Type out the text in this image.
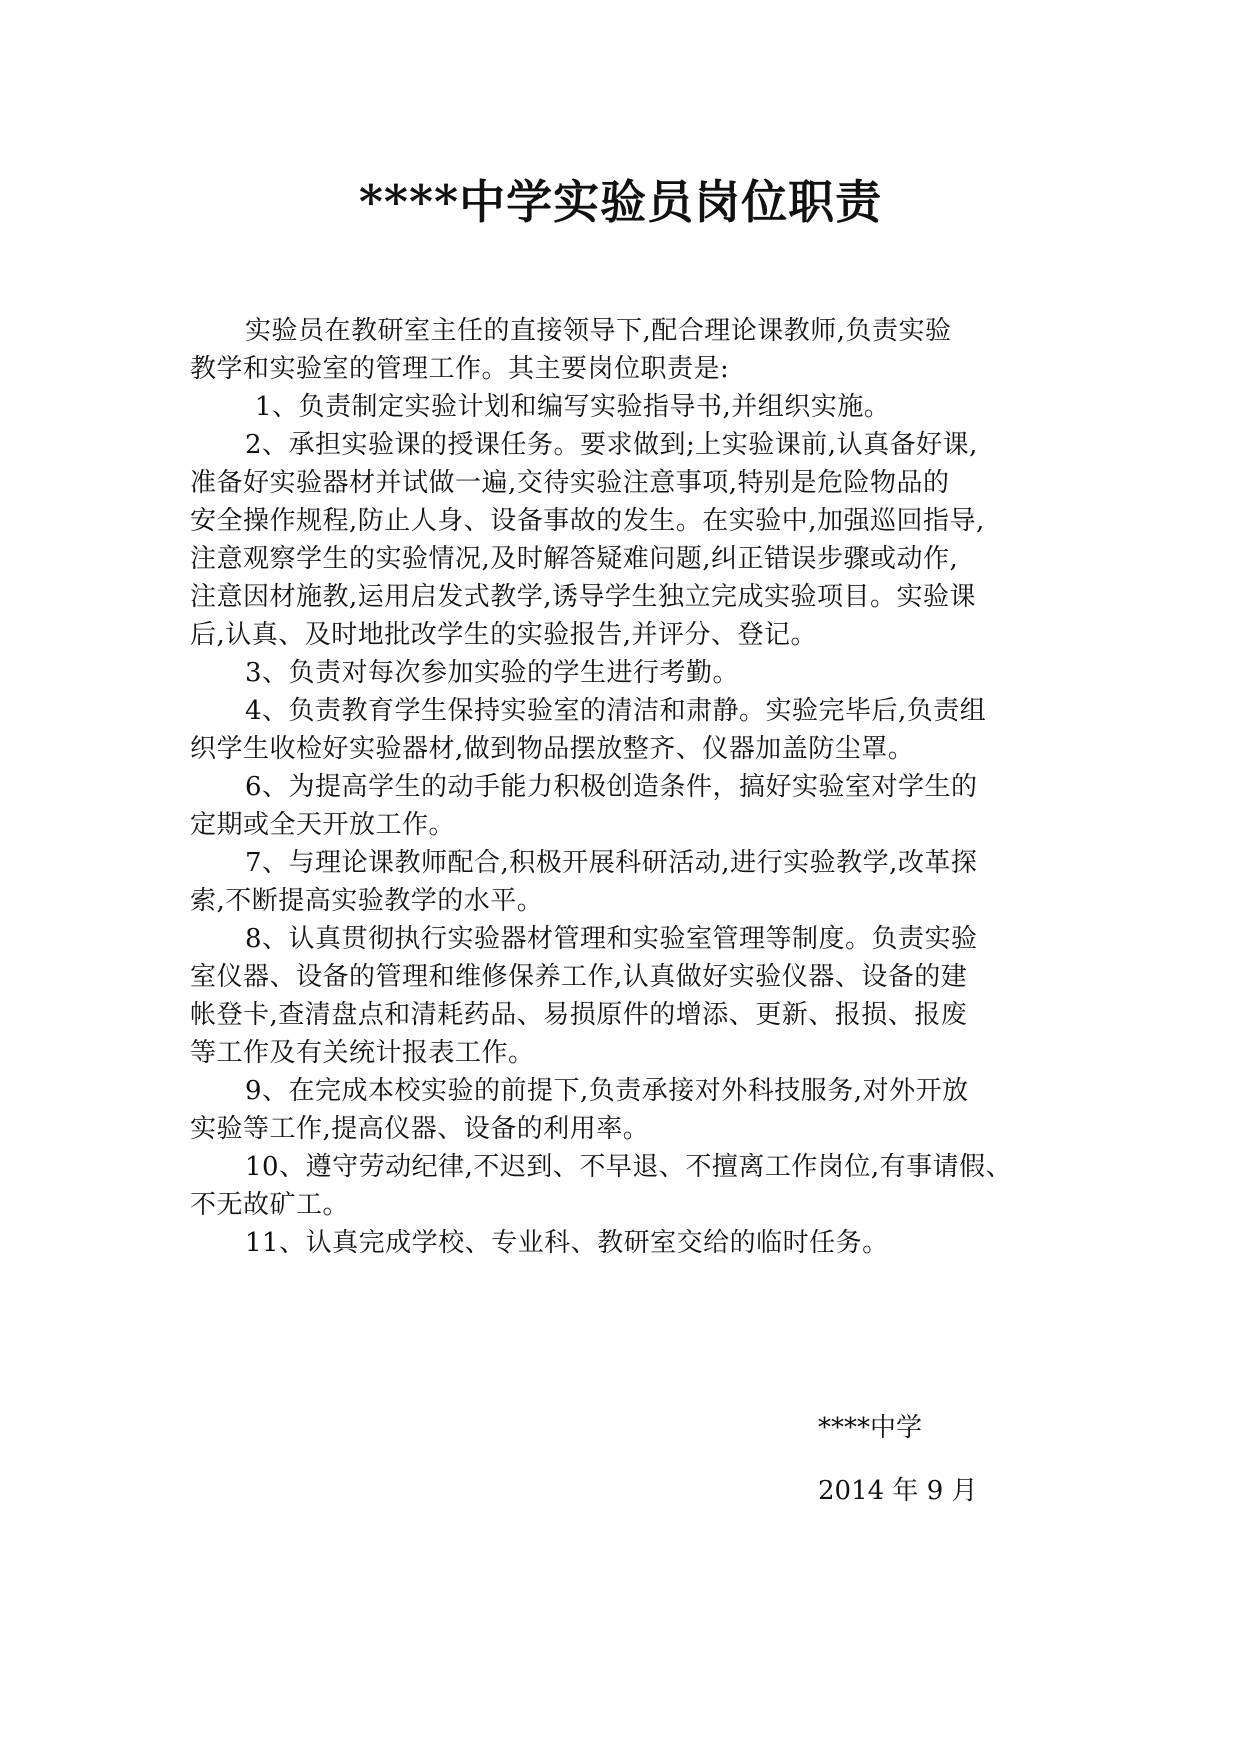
****中学实验员岗位职责
实验员在教研室主任的直接领导下,配合理论课教师,负责实验
教学和实验室的管理工作。其主要岗位职责是:
1、负责制定实验计划和编写实验指导书,并组织实施。
2、承担实验课的授课任务。要求做到;上实验课前,认真备好课,
准备好实验器材并试做一遍,交待实验注意事项,特别是危险物品的
安全操作规程,防止人身、设备事故的发生。在实验中,加强巡回指导,
注意观察学生的实验情况,及时解答疑难问题,纠正错误步骤或动作,
注意因材施教,运用启发式教学,诱导学生独立完成实验项目。实验课
后,认真、及时地批改学生的实验报告,并评分、登记。
3、负责对每次参加实验的学生进行考勤。
4、负责教育学生保持实验室的清洁和肃静。实验完毕后,负责组
织学生收检好实验器材,做到物品摆放整齐、仪器加盖防尘罩。
6、为提高学生的动手能力积极创造条件，搞好实验室对学生的
定期或全天开放工作。
7、与理论课教师配合,积极开展科研活动,进行实验教学,改革探
索,不断提高实验教学的水平。
8、认真贯彻执行实验器材管理和实验室管理等制度。负责实验
室仪器、设备的管理和维修保养工作,认真做好实验仪器、设备的建
帐登卡,查清盘点和清耗药品、易损原件的增添、更新、报损、报废
等工作及有关统计报表工作。
9、在完成本校实验的前提下,负责承接对外科技服务,对外开放
实验等工作,提高仪器、设备的利用率。
10、遵守劳动纪律,不迟到、不早退、不擅离工作岗位,有事请假、
不无故矿工。
11、认真完成学校、专业科、教研室交给的临时任务。
****中学
2014 年 9 月
